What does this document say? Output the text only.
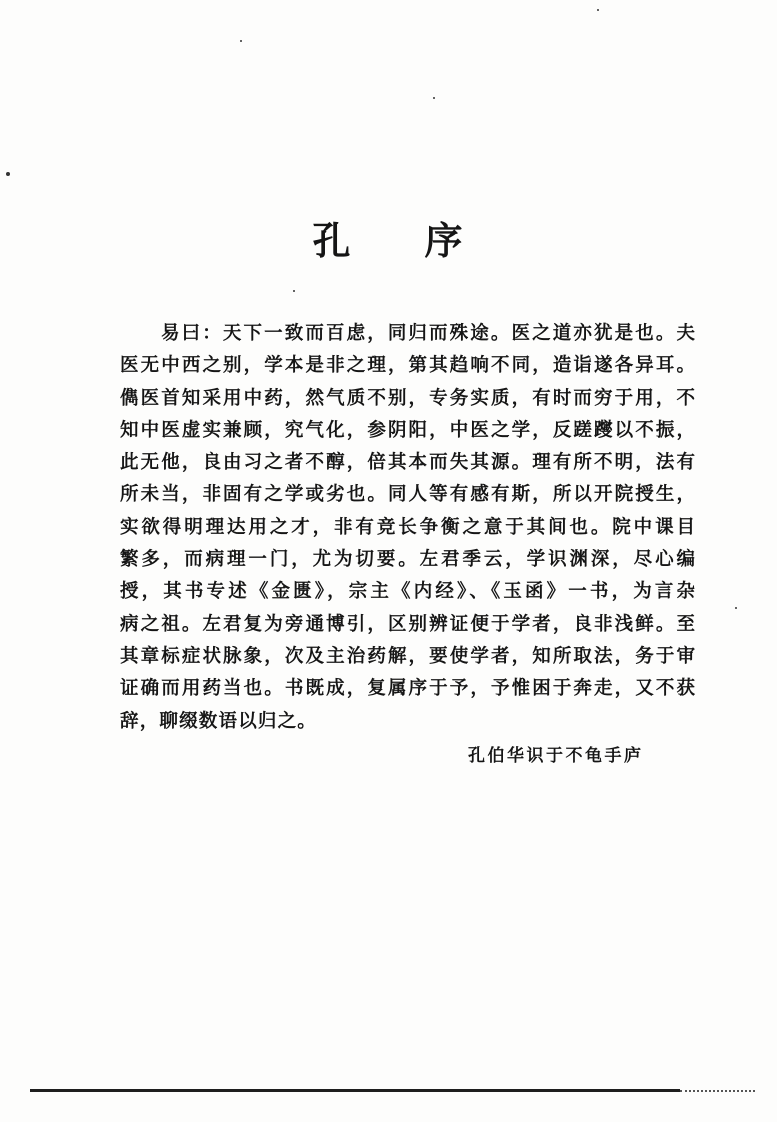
孔 序
易曰：天下一致而百虑，同归而殊途。医之道亦犹是也。夫
医无中西之别，学本是非之理，第其趋响不同，造诣遂各异耳。
儁医首知采用中药，然气质不别，专务实质，有时而穷于用，不
知中医虚实兼顾，究气化，参阴阳，中医之学，反蹉躞以不振，
此无他，良由习之者不醇，倍其本而失其源。理有所不明，法有
所未当，非固有之学或劣也。同人等有感有斯，所以开院授生，
实欲得明理达用之才，非有竞长争衡之意于其间也。院中课目
繁多，而病理一门，尤为切要。左君季云，学识渊深，尽心编
授，其书专述《金匮》，宗主《内经》、《玉函》一书，为言杂
病之祖。左君复为旁通博引，区别辨证便于学者，良非浅鲜。至
其章标症状脉象，次及主治药解，要使学者，知所取法，务于审
证确而用药当也。书既成，复属序于予，予惟困于奔走，又不获
辞，聊缀数语以归之。
孔伯华识于不龟手庐
